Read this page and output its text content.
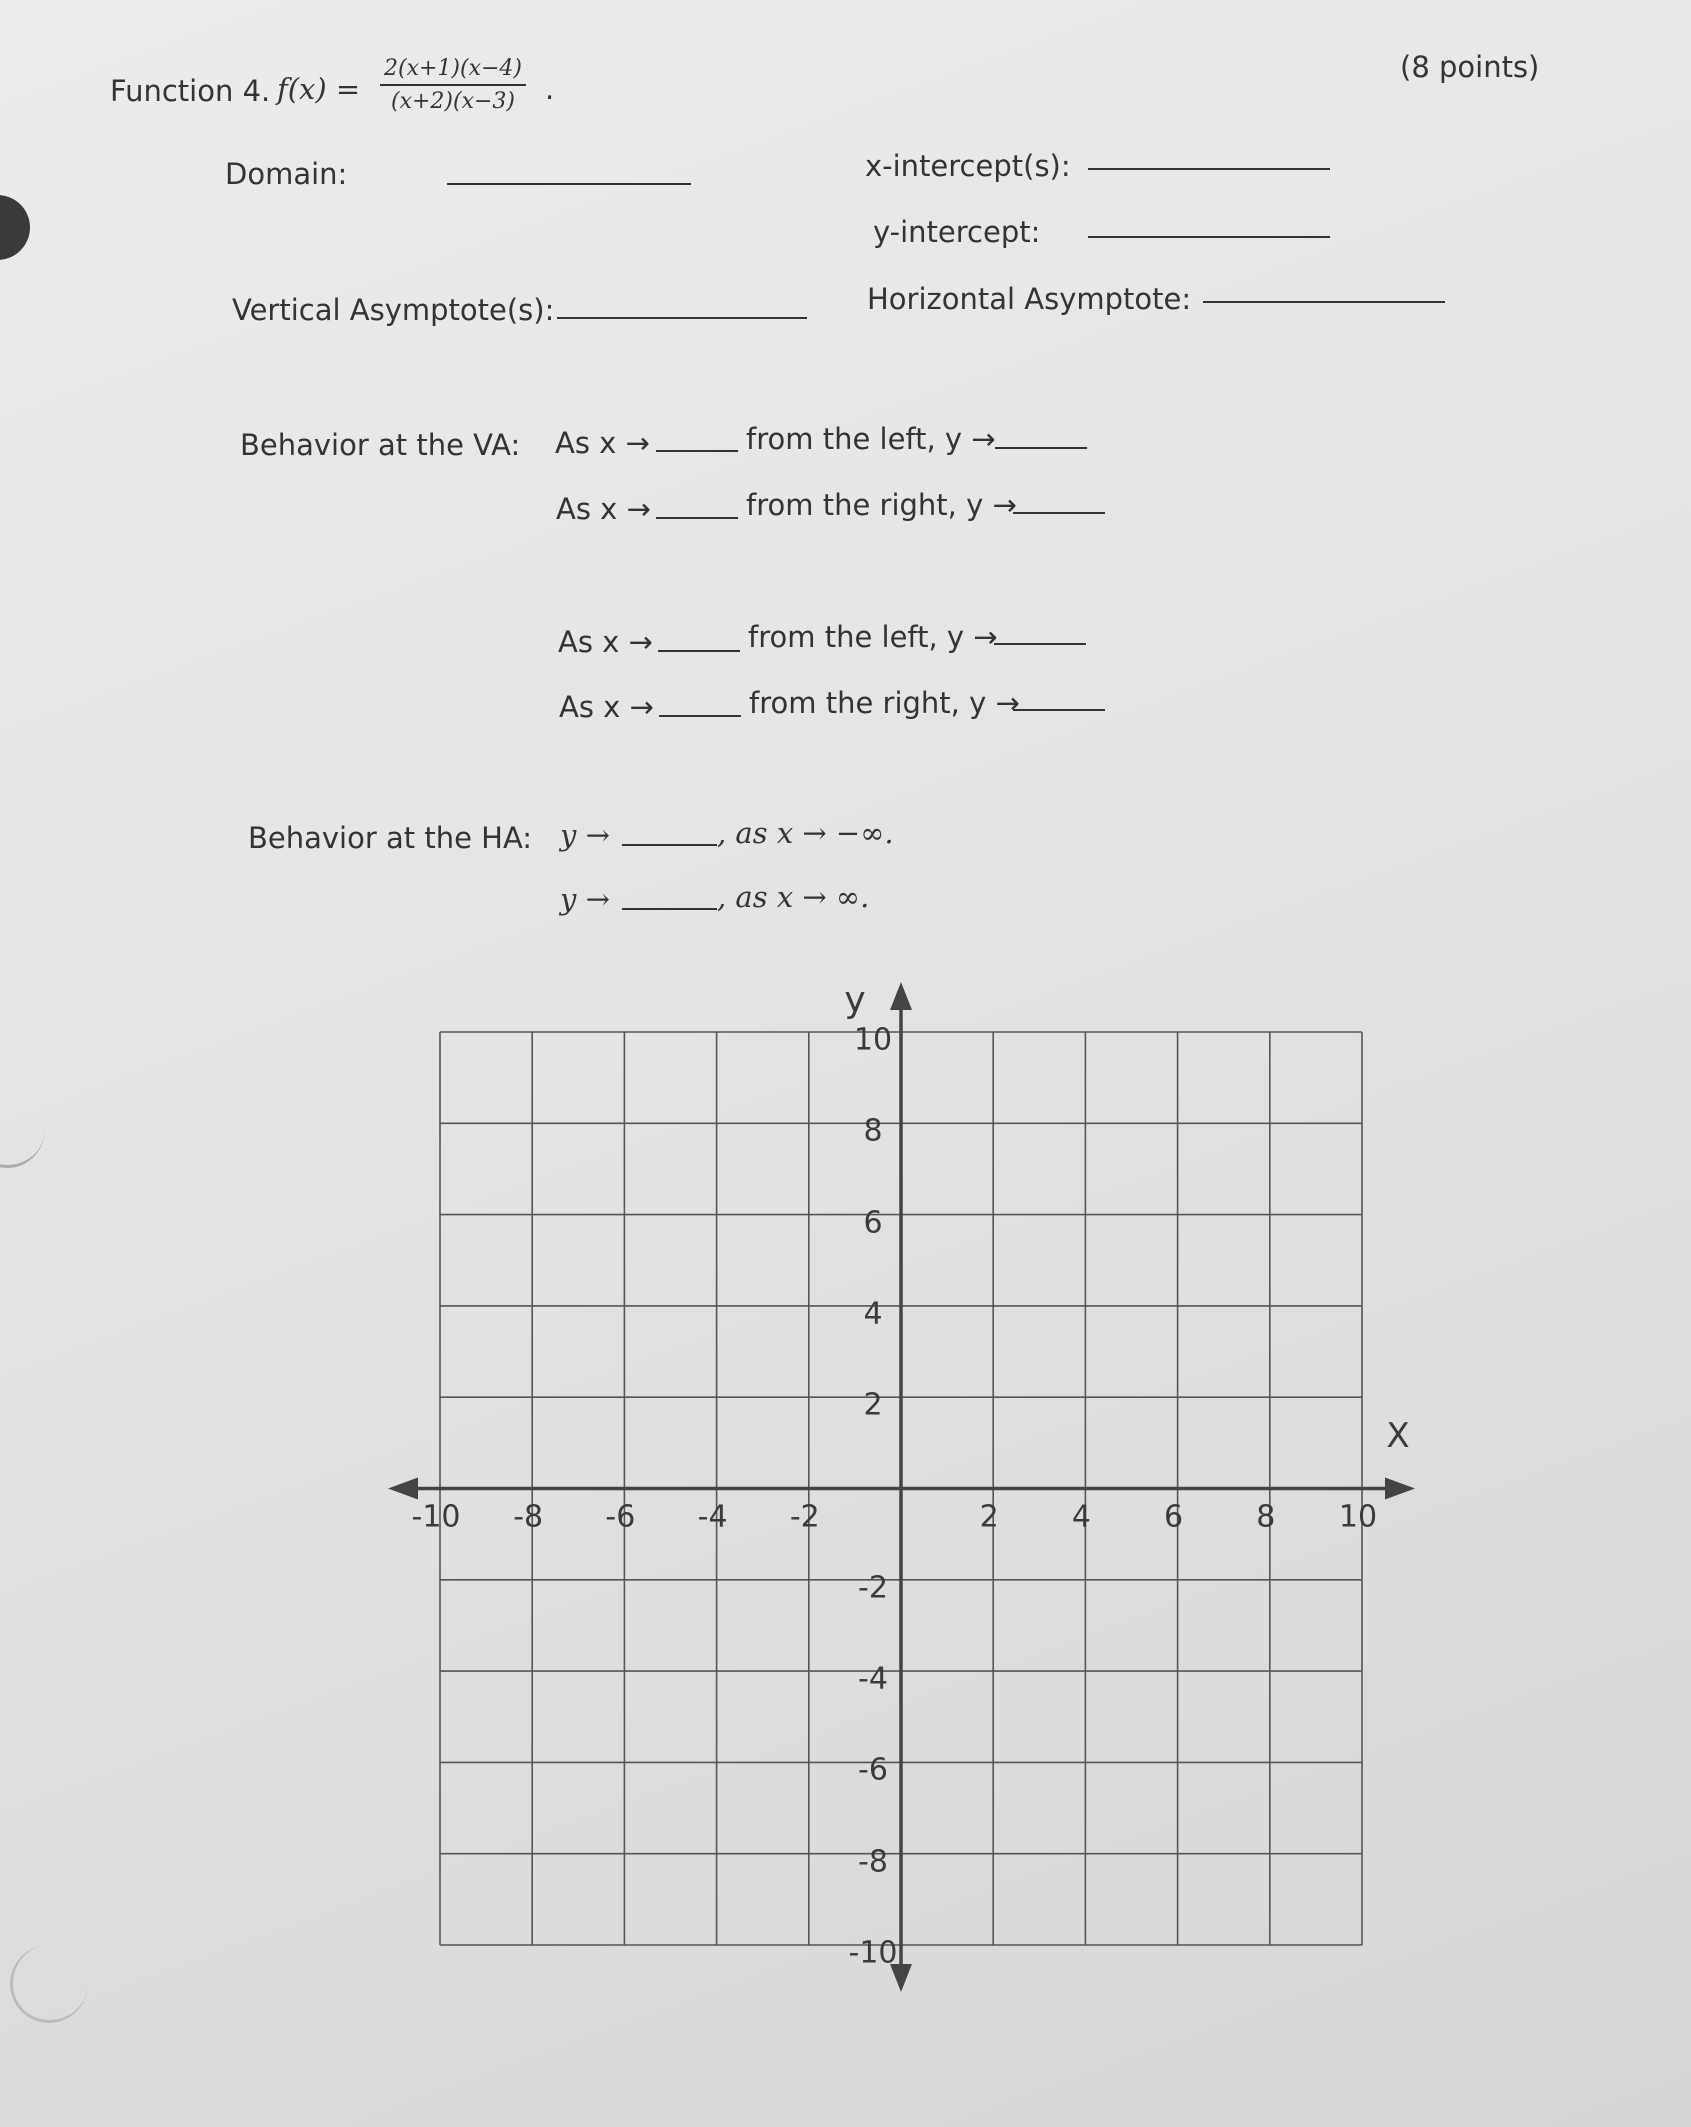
Function 4. $f(x) = \frac{2(x+1)(x-4)}{(x+2)(x-3)}$ .
(8 points)
Domain:	x-intercept(s):
y-intercept:
Vertical Asymptote(s):	Horizontal Asymptote:
Behavior at the VA: As x →	from the left, y →
As x →	from the right, y →
As x →	from the left, y →
As x →	from the right, y →
Behavior at the HA: y →	, as x → −∞.
y →	, as x → ∞.
y
X
-10 -8 -6 -4 -2	2 4 6 8 10
10
8
6
4
2
-2
-4
-6
-8
-10
